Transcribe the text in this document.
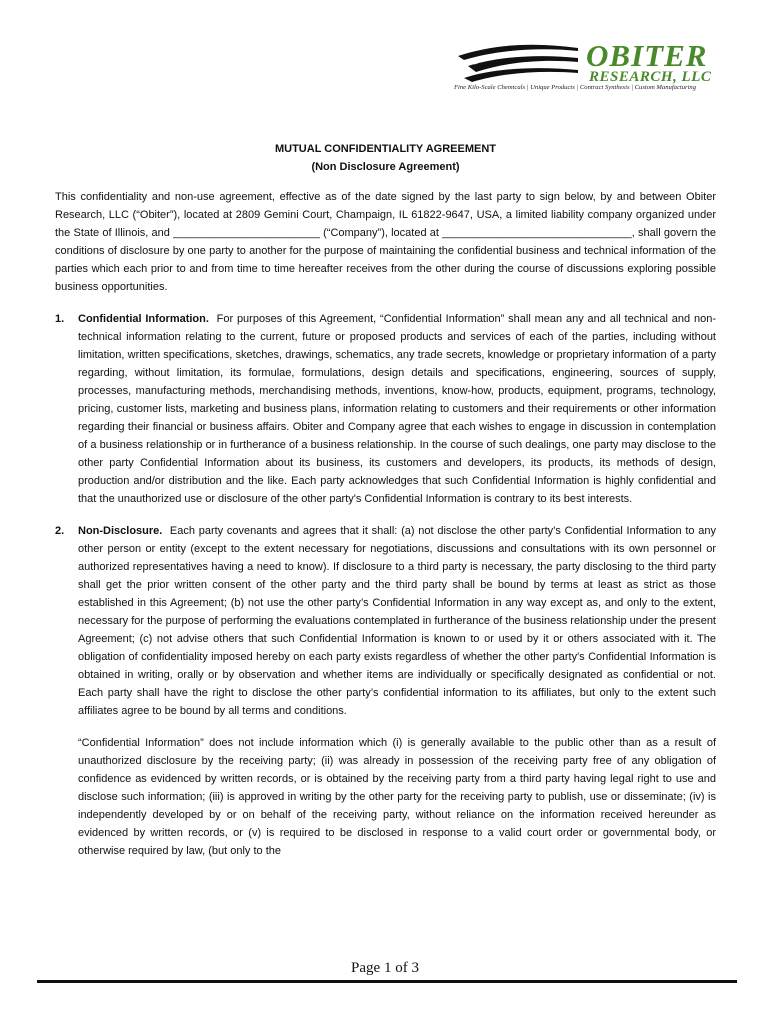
OBITER
RESEARCH, LLC
Fine Kilo-Scale Chemicals | Unique Products | Contract Synthesis | Custom Manufacturing
MUTUAL CONFIDENTIALITY AGREEMENT
(Non Disclosure Agreement)

This confidentiality and non-use agreement, effective as of the date signed by the last party to sign below, by and between Obiter Research, LLC (“Obiter”), located at 2809 Gemini Court, Champaign, IL 61822-9647, USA, a limited liability company organized under the State of Illinois, and ________________________ (“Company”), located at _______________________________, shall govern the conditions of disclosure by one party to another for the purpose of maintaining the confidential business and technical information of the parties which each prior to and from time to time hereafter receives from the other during the course of discussions exploring possible business opportunities.

1.	Confidential Information. For purposes of this Agreement, “Confidential Information” shall mean any and all technical and non-technical information relating to the current, future or proposed products and services of each of the parties, including without limitation, written specifications, sketches, drawings, schematics, any trade secrets, knowledge or proprietary information of a party regarding, without limitation, its formulae, formulations, design details and specifications, engineering, sources of supply, processes, manufacturing methods, merchandising methods, inventions, know-how, products, equipment, programs, technology, pricing, customer lists, marketing and business plans, information relating to customers and their requirements or other information regarding their financial or business affairs. Obiter and Company agree that each wishes to engage in discussion in contemplation of a business relationship or in furtherance of a business relationship. In the course of such dealings, one party may disclose to the other party Confidential Information about its business, its customers and developers, its products, its methods of design, production and/or distribution and the like. Each party acknowledges that such Confidential Information is highly confidential and that the unauthorized use or disclosure of the other party's Confidential Information is contrary to its best interests.
2.	Non-Disclosure. Each party covenants and agrees that it shall: (a) not disclose the other party’s Confidential Information to any other person or entity (except to the extent necessary for negotiations, discussions and consultations with its own personnel or authorized representatives having a need to know). If disclosure to a third party is necessary, the party disclosing to the third party shall get the prior written consent of the other party and the third party shall be bound by terms at least as strict as those established in this Agreement; (b) not use the other party’s Confidential Information in any way except as, and only to the extent, necessary for the purpose of performing the evaluations contemplated in furtherance of the business relationship under the present Agreement; (c) not advise others that such Confidential Information is known to or used by it or others associated with it. The obligation of confidentiality imposed hereby on each party exists regardless of whether the other party's Confidential Information is obtained in writing, orally or by observation and whether items are individually or specifically designated as confidential or not. Each party shall have the right to disclose the other party’s confidential information to its affiliates, but only to the extent such affiliates agree to be bound by all terms and conditions.

“Confidential Information” does not include information which (i) is generally available to the public other than as a result of unauthorized disclosure by the receiving party; (ii) was already in possession of the receiving party free of any obligation of confidence as evidenced by written records, or is obtained by the receiving party from a third party having legal right to use and disclose such information; (iii) is approved in writing by the other party for the receiving party to publish, use or disseminate; (iv) is independently developed by or on behalf of the receiving party, without reliance on the information received hereunder as evidenced by written records, or (v) is required to be disclosed in response to a valid court order or governmental body, or otherwise required by law, (but only to the

Page 1 of 3
